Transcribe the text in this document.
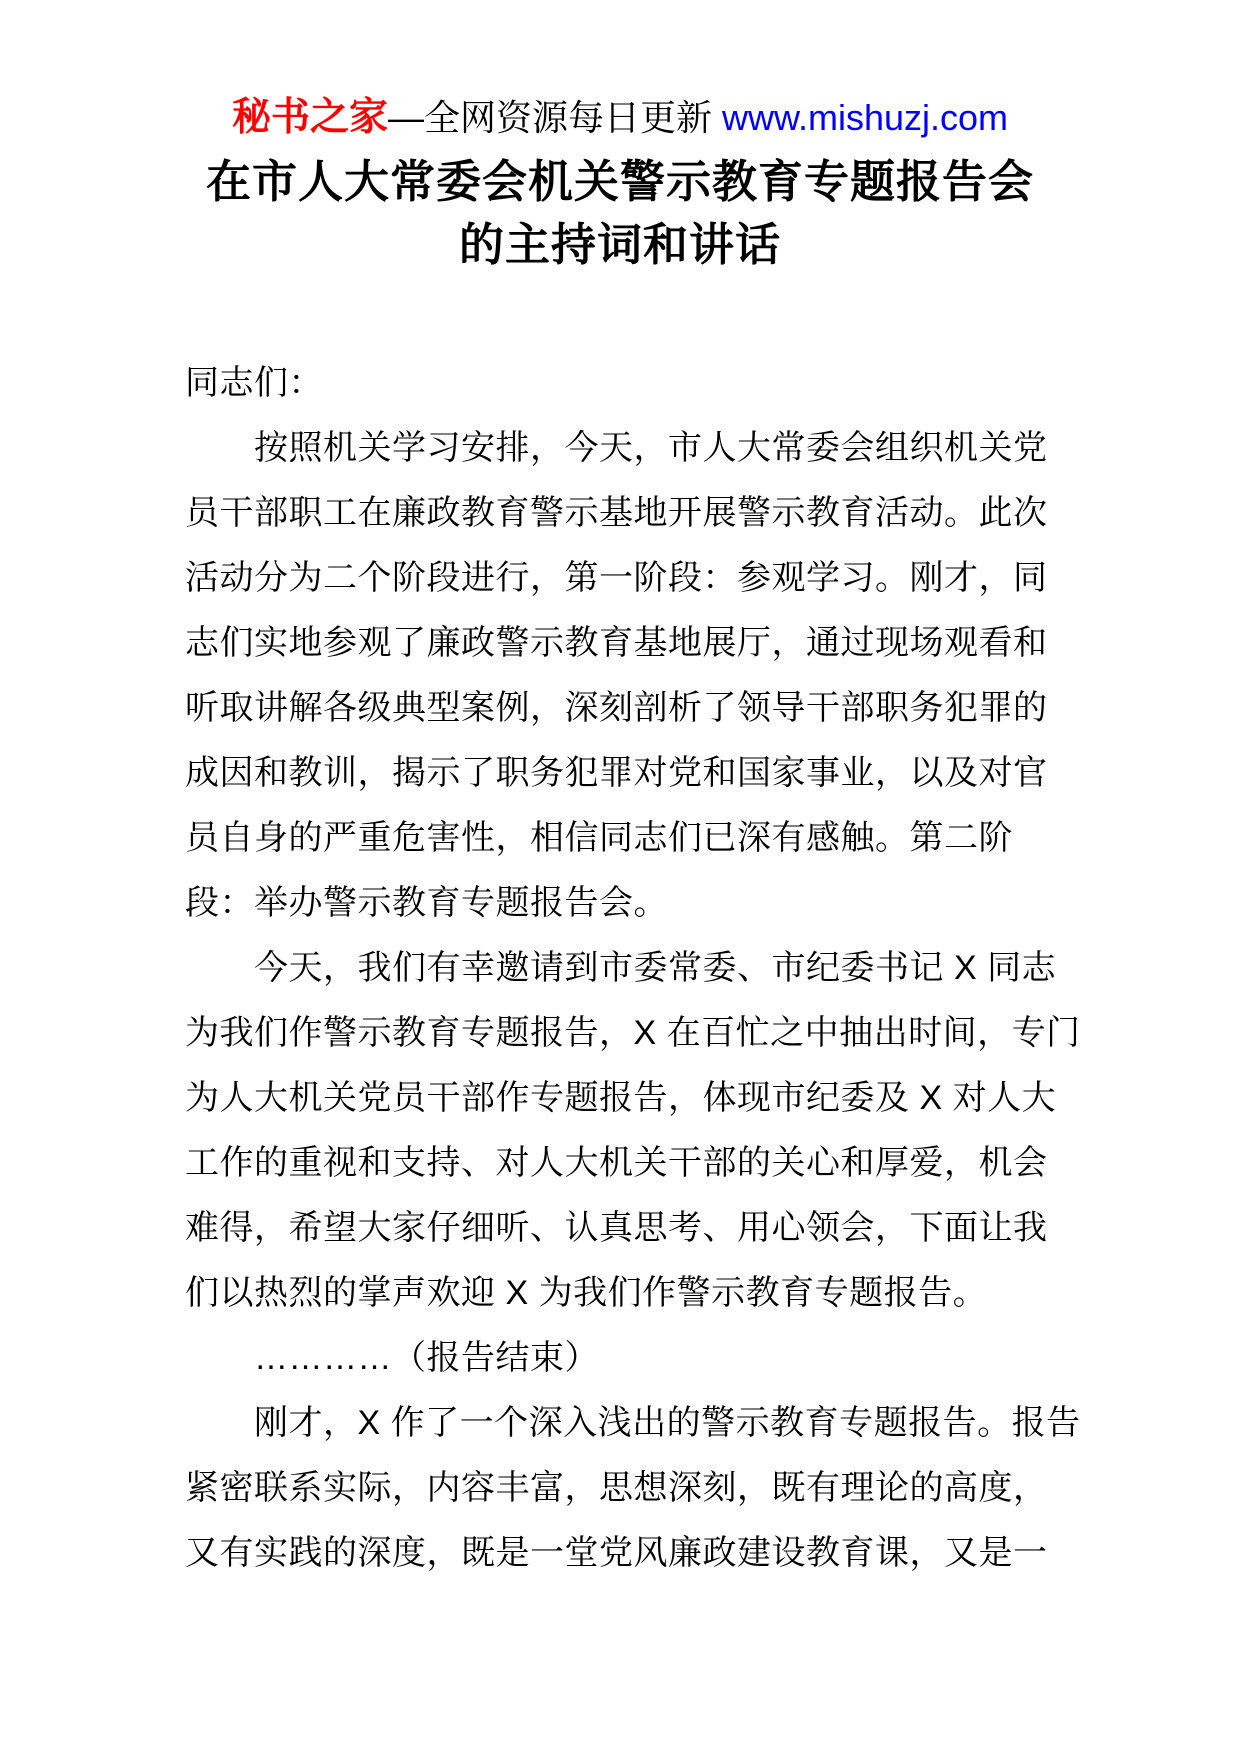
秘书之家—全网资源每日更新 www.mishuzj.com
在市人大常委会机关警示教育专题报告会
的主持词和讲话
同志们：
　　按照机关学习安排，今天，市人大常委会组织机关党
员干部职工在廉政教育警示基地开展警示教育活动。此次
活动分为二个阶段进行，第一阶段：参观学习。刚才，同
志们实地参观了廉政警示教育基地展厅，通过现场观看和
听取讲解各级典型案例，深刻剖析了领导干部职务犯罪的
成因和教训，揭示了职务犯罪对党和国家事业，以及对官
员自身的严重危害性，相信同志们已深有感触。第二阶
段：举办警示教育专题报告会。
　　今天，我们有幸邀请到市委常委、市纪委书记 X 同志
为我们作警示教育专题报告，X 在百忙之中抽出时间，专门
为人大机关党员干部作专题报告，体现市纪委及 X 对人大
工作的重视和支持、对人大机关干部的关心和厚爱，机会
难得，希望大家仔细听、认真思考、用心领会，下面让我
们以热烈的掌声欢迎 X 为我们作警示教育专题报告。
　　…………（报告结束）
　　刚才，X 作了一个深入浅出的警示教育专题报告。报告
紧密联系实际，内容丰富，思想深刻，既有理论的高度，
又有实践的深度，既是一堂党风廉政建设教育课，又是一
